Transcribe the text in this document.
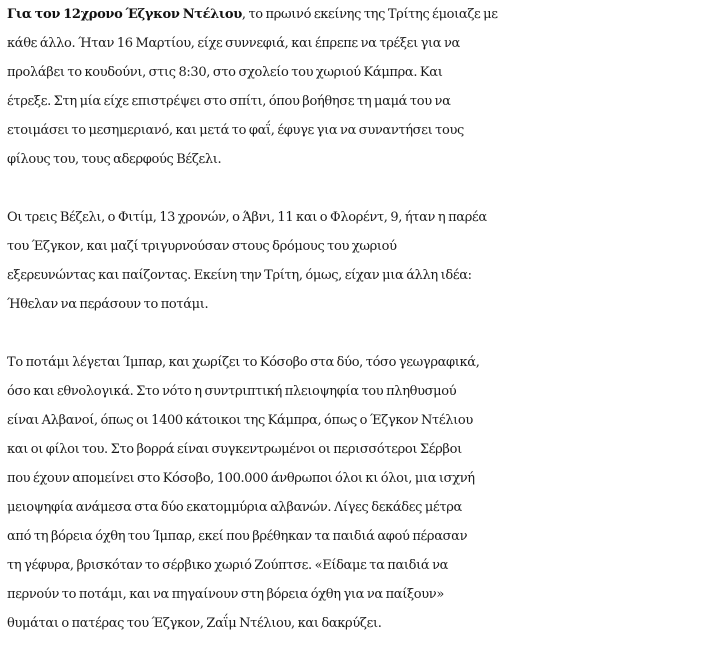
Για τον 12χρονο Έζγκον Ντέλιου, το πρωινό εκείνης της Τρίτης έμοιαζε με
κάθε άλλο. Ήταν 16 Μαρτίου, είχε συννεφιά, και έπρεπε να τρέξει για να
προλάβει το κουδούνι, στις 8:30, στο σχολείο του χωριού Κάμπρα. Και
έτρεξε. Στη μία είχε επιστρέψει στο σπίτι, όπου βοήθησε τη μαμά του να
ετοιμάσει το μεσημεριανό, και μετά το φαΐ, έφυγε για να συναντήσει τους
φίλους του, τους αδερφούς Βέζελι.

Οι τρεις Βέζελι, ο Φιτίμ, 13 χρονών, ο Άβνι, 11 και ο Φλορέντ, 9, ήταν η παρέα
του Έζγκον, και μαζί τριγυρνούσαν στους δρόμους του χωριού
εξερευνώντας και παίζοντας. Εκείνη την Τρίτη, όμως, είχαν μια άλλη ιδέα:
Ήθελαν να περάσουν το ποτάμι.

Το ποτάμι λέγεται Ίμπαρ, και χωρίζει το Κόσοβο στα δύο, τόσο γεωγραφικά,
όσο και εθνολογικά. Στο νότο η συντριπτική πλειοψηφία του πληθυσμού
είναι Αλβανοί, όπως οι 1400 κάτοικοι της Κάμπρα, όπως ο Έζγκον Ντέλιου
και οι φίλοι του. Στο βορρά είναι συγκεντρωμένοι οι περισσότεροι Σέρβοι
που έχουν απομείνει στο Κόσοβο, 100.000 άνθρωποι όλοι κι όλοι, μια ισχνή
μειοψηφία ανάμεσα στα δύο εκατομμύρια αλβανών. Λίγες δεκάδες μέτρα
από τη βόρεια όχθη του Ίμπαρ, εκεί που βρέθηκαν τα παιδιά αφού πέρασαν
τη γέφυρα, βρισκόταν το σέρβικο χωριό Ζούπτσε. «Είδαμε τα παιδιά να
περνούν το ποτάμι, και να πηγαίνουν στη βόρεια όχθη για να παίξουν»
θυμάται ο πατέρας του Έζγκον, Ζαΐμ Ντέλιου, και δακρύζει.
